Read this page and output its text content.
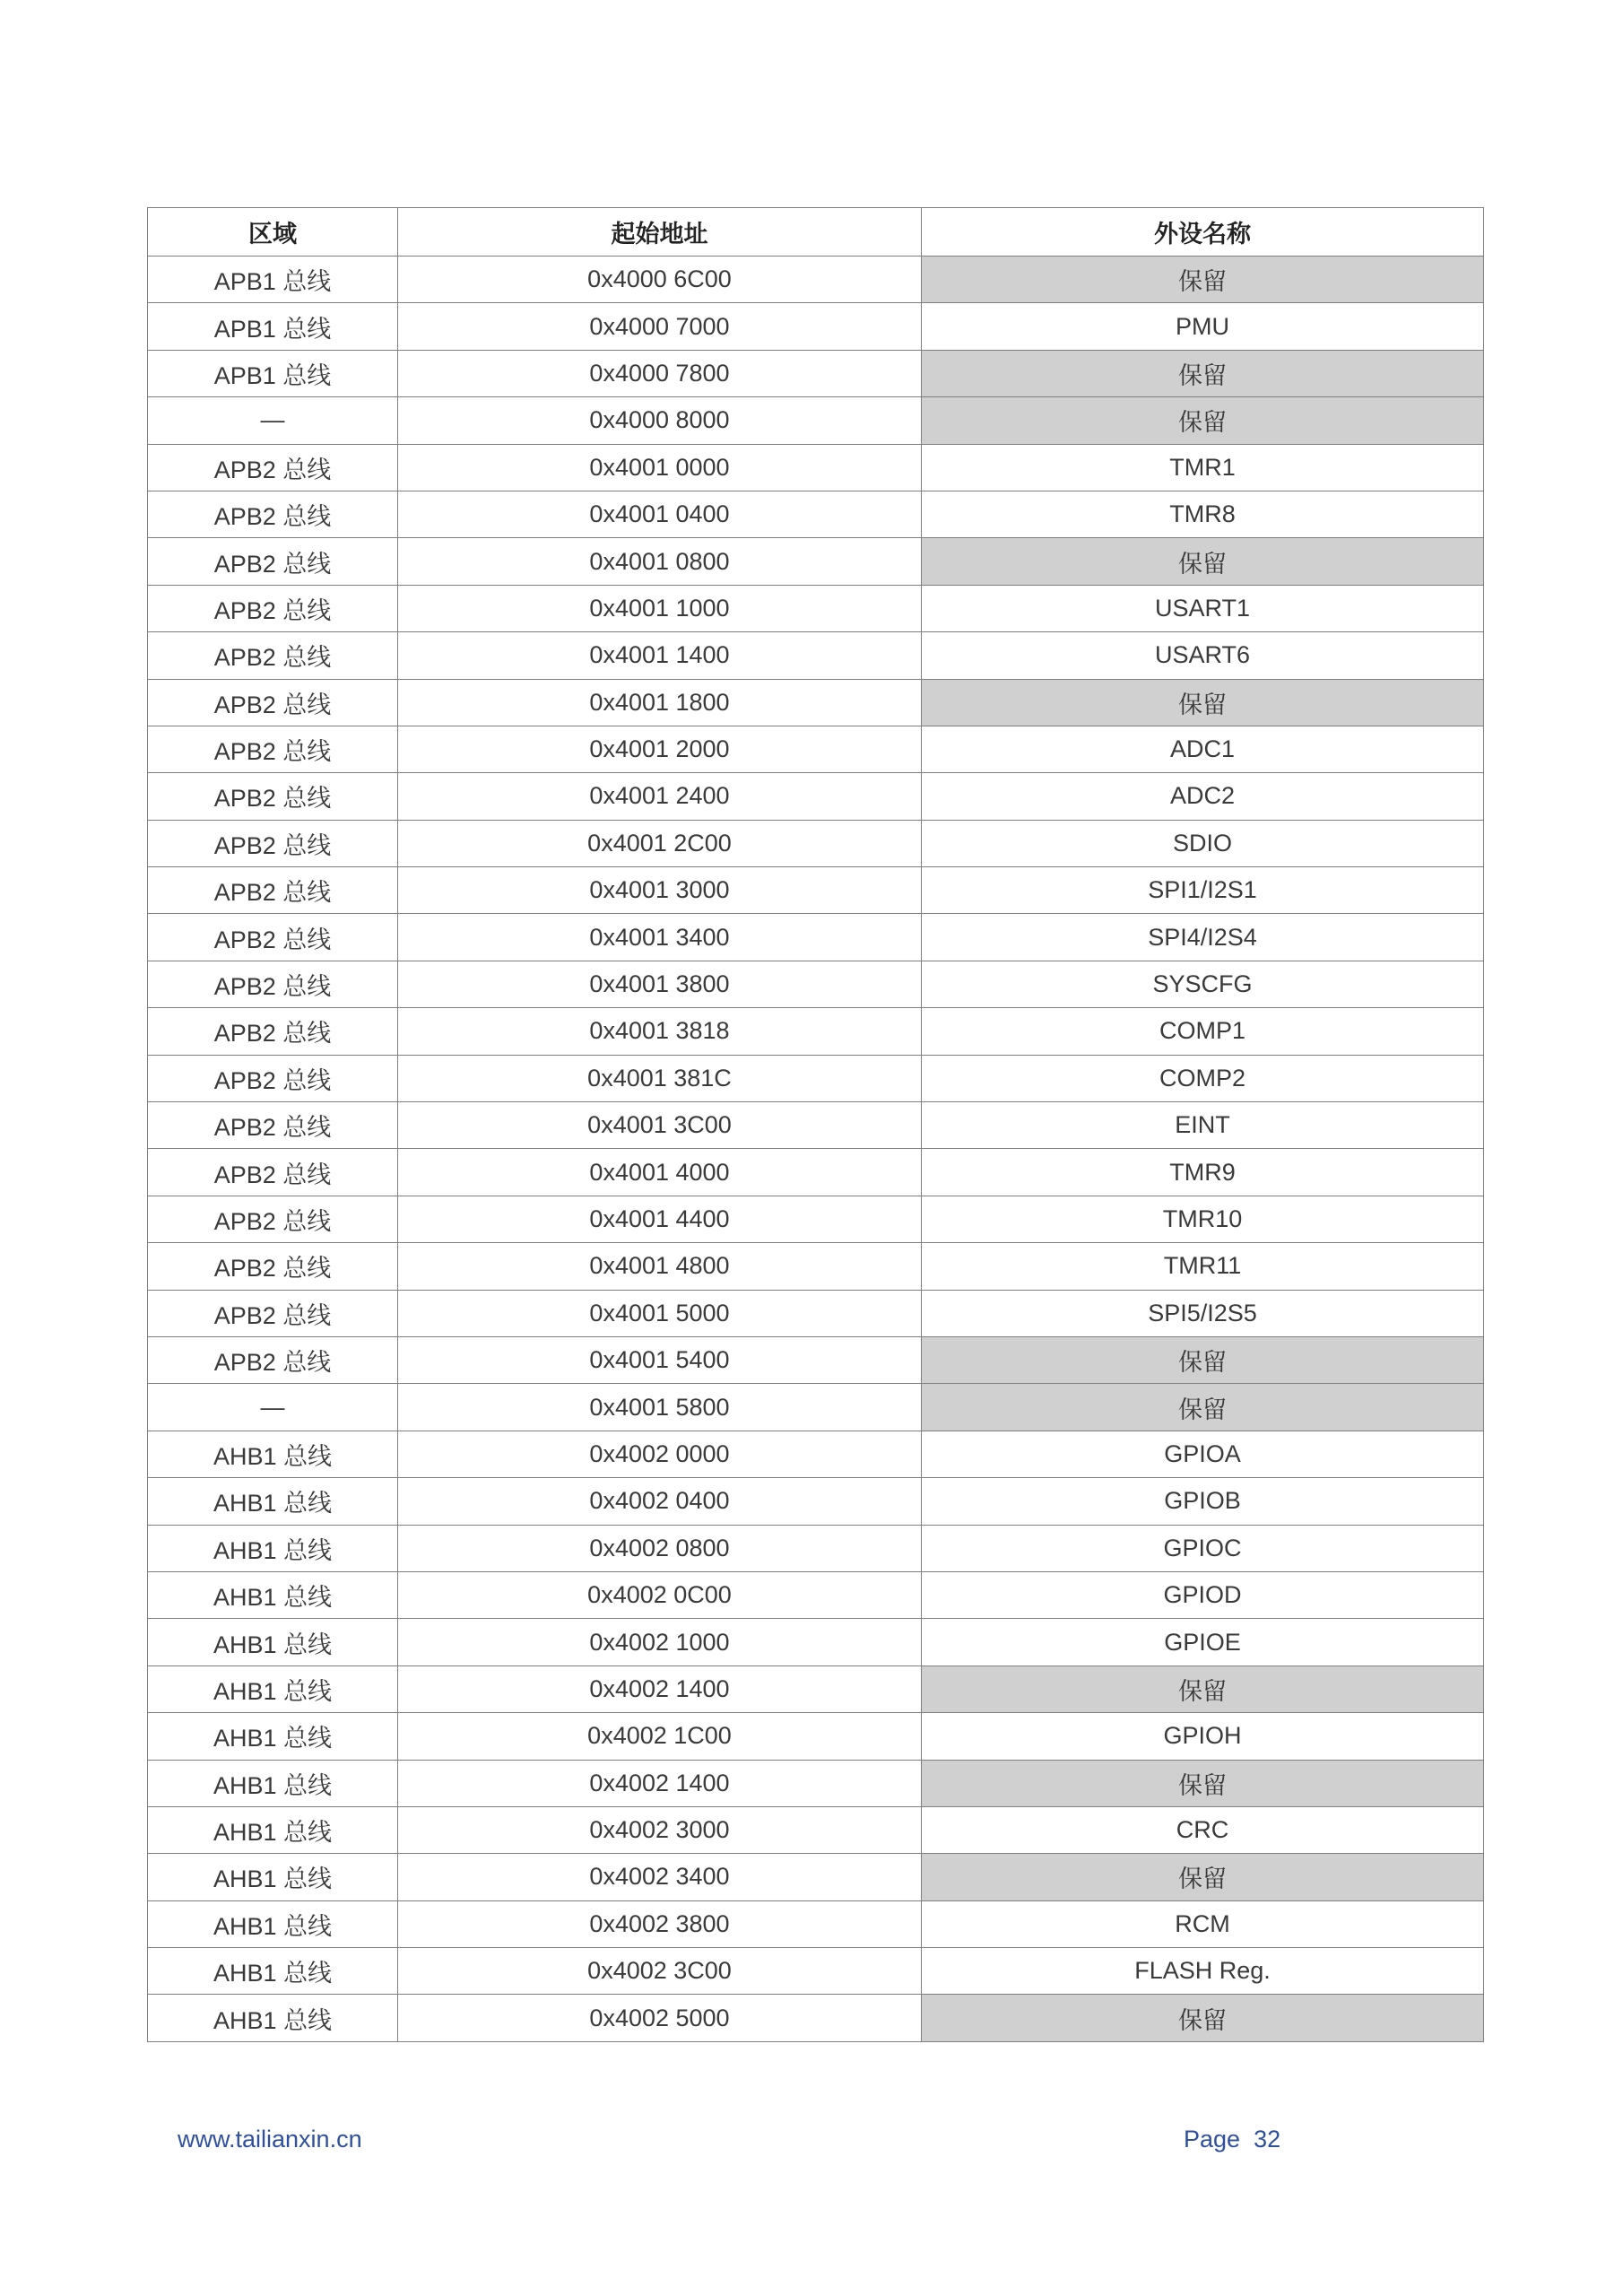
区域	起始地址	外设名称
APB1 总线	0x4000 6C00	保留
APB1 总线	0x4000 7000	PMU
APB1 总线	0x4000 7800	保留
—	0x4000 8000	保留
APB2 总线	0x4001 0000	TMR1
APB2 总线	0x4001 0400	TMR8
APB2 总线	0x4001 0800	保留
APB2 总线	0x4001 1000	USART1
APB2 总线	0x4001 1400	USART6
APB2 总线	0x4001 1800	保留
APB2 总线	0x4001 2000	ADC1
APB2 总线	0x4001 2400	ADC2
APB2 总线	0x4001 2C00	SDIO
APB2 总线	0x4001 3000	SPI1/I2S1
APB2 总线	0x4001 3400	SPI4/I2S4
APB2 总线	0x4001 3800	SYSCFG
APB2 总线	0x4001 3818	COMP1
APB2 总线	0x4001 381C	COMP2
APB2 总线	0x4001 3C00	EINT
APB2 总线	0x4001 4000	TMR9
APB2 总线	0x4001 4400	TMR10
APB2 总线	0x4001 4800	TMR11
APB2 总线	0x4001 5000	SPI5/I2S5
APB2 总线	0x4001 5400	保留
—	0x4001 5800	保留
AHB1 总线	0x4002 0000	GPIOA
AHB1 总线	0x4002 0400	GPIOB
AHB1 总线	0x4002 0800	GPIOC
AHB1 总线	0x4002 0C00	GPIOD
AHB1 总线	0x4002 1000	GPIOE
AHB1 总线	0x4002 1400	保留
AHB1 总线	0x4002 1C00	GPIOH
AHB1 总线	0x4002 1400	保留
AHB1 总线	0x4002 3000	CRC
AHB1 总线	0x4002 3400	保留
AHB1 总线	0x4002 3800	RCM
AHB1 总线	0x4002 3C00	FLASH Reg.
AHB1 总线	0x4002 5000	保留
www.tailianxin.cn	Page 32
